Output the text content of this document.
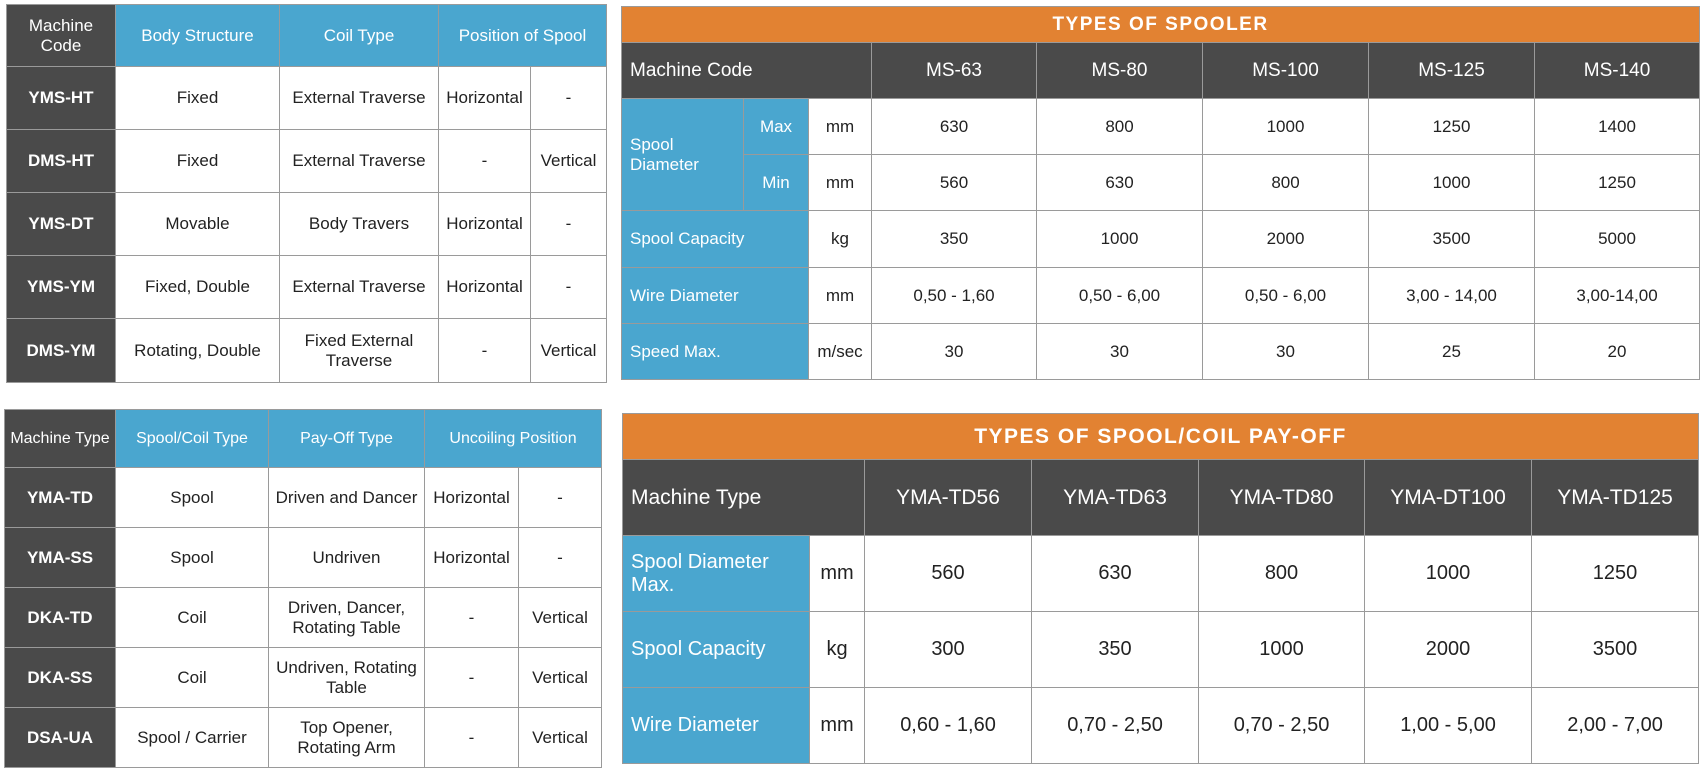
Machine Code	Body Structure	Coil Type	Position of Spool	
YMS-HT	Fixed	External Traverse	Horizontal	-
DMS-HT	Fixed	External Traverse	-	Vertical
YMS-DT	Movable	Body Travers	Horizontal	-
YMS-YM	Fixed, Double	External Traverse	Horizontal	-
DMS-YM	Rotating, Double	Fixed External Traverse	-	Vertical
TYPES OF SPOOLER							
Machine Code			MS-63	MS-80	MS-100	MS-125	MS-140
Spool Diameter	Max	mm	630	800	1000	1250	1400
	Min	mm	560	630	800	1000	1250
Spool Capacity		kg	350	1000	2000	3500	5000
Wire Diameter		mm	0,50 - 1,60	0,50 - 6,00	0,50 - 6,00	3,00 - 14,00	3,00-14,00
Speed Max.		m/sec	30	30	30	25	20
Machine Type	Spool/Coil Type	Pay-Off Type	Uncoiling Position	
YMA-TD	Spool	Driven and Dancer	Horizontal	-
YMA-SS	Spool	Undriven	Horizontal	-
DKA-TD	Coil	Driven, Dancer, Rotating Table	-	Vertical
DKA-SS	Coil	Undriven, Rotating Table	-	Vertical
DSA-UA	Spool / Carrier	Top Opener, Rotating Arm	-	Vertical
TYPES OF SPOOL/COIL PAY-OFF						
Machine Type		YMA-TD56	YMA-TD63	YMA-TD80	YMA-DT100	YMA-TD125
Spool Diameter Max.	mm	560	630	800	1000	1250
Spool Capacity	kg	300	350	1000	2000	3500
Wire Diameter	mm	0,60 - 1,60	0,70 - 2,50	0,70 - 2,50	1,00 - 5,00	2,00 - 7,00
